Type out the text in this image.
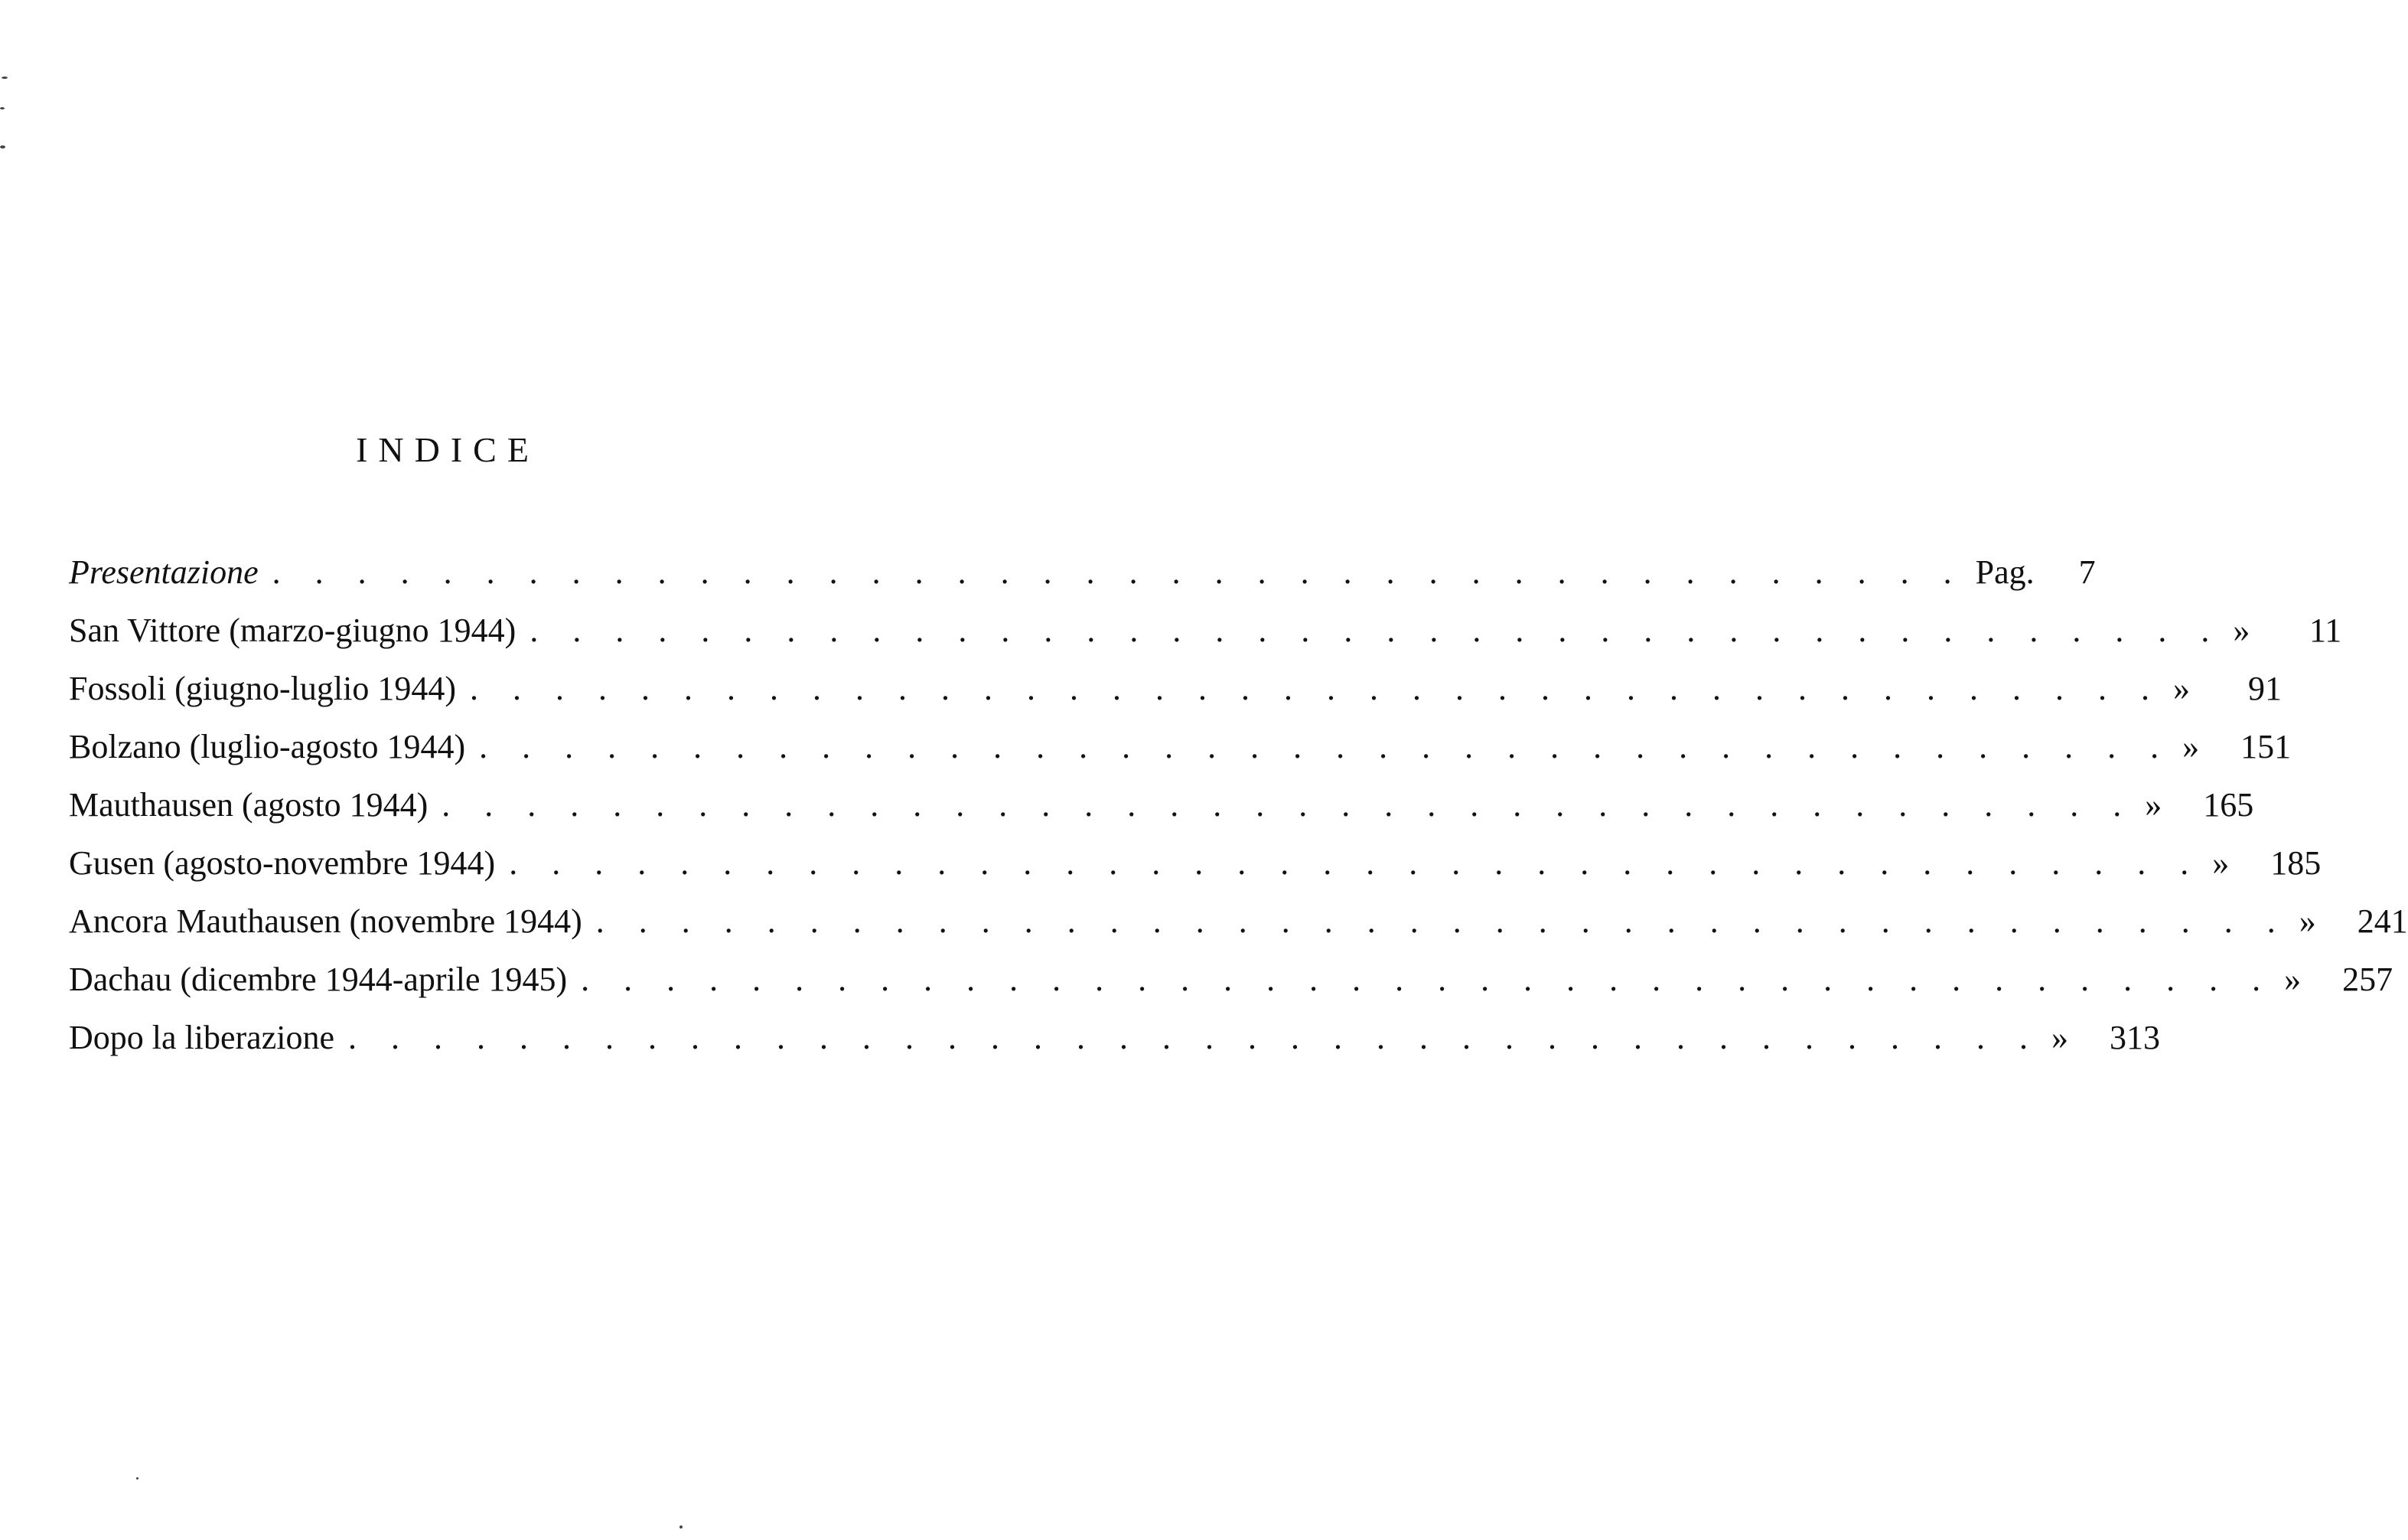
INDICE
Presentazione . . . . . . . . . . . . . . . . . . . . . . . . . . . . . . . . . . . . . . . . Pag.	7
San Vittore (marzo-giugno 1944) . . . . . . . . . . . . . . . . . . . . . . . . . . . . . . . . . . . . . . . . »	11
Fossoli (giugno-luglio 1944) . . . . . . . . . . . . . . . . . . . . . . . . . . . . . . . . . . . . . . . . »	91
Bolzano (luglio-agosto 1944) . . . . . . . . . . . . . . . . . . . . . . . . . . . . . . . . . . . . . . . . »	151
Mauthausen (agosto 1944) . . . . . . . . . . . . . . . . . . . . . . . . . . . . . . . . . . . . . . . . »	165
Gusen (agosto-novembre 1944) . . . . . . . . . . . . . . . . . . . . . . . . . . . . . . . . . . . . . . . . »	185
Ancora Mauthausen (novembre 1944) . . . . . . . . . . . . . . . . . . . . . . . . . . . . . . . . . . . . . . . . »	241
Dachau (dicembre 1944-aprile 1945) . . . . . . . . . . . . . . . . . . . . . . . . . . . . . . . . . . . . . . . . »	257
Dopo la liberazione . . . . . . . . . . . . . . . . . . . . . . . . . . . . . . . . . . . . . . . . »	313
